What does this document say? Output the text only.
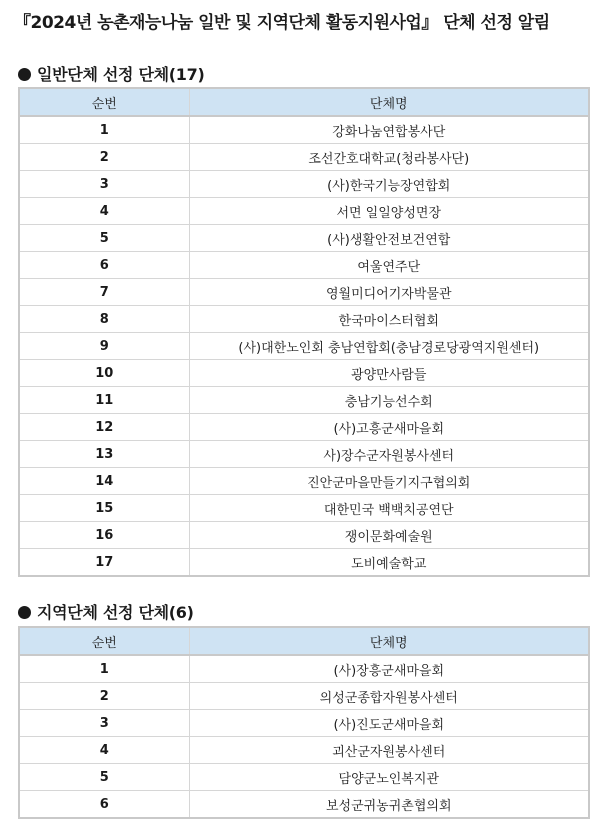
『2024년 농촌재능나눔 일반 및 지역단체 활동지원사업』 단체 선정 알림
일반단체 선정 단체(17)
순번	단체명
1	강화나눔연합봉사단
2	조선간호대학교(청라봉사단)
3	(사)한국기능장연합회
4	서면 일일양성면장
5	(사)생활안전보건연합
6	여울연주단
7	영월미디어기자박물관
8	한국마이스터협회
9	(사)대한노인회 충남연합회(충남경로당광역지원센터)
10	광양만사람들
11	충남기능선수회
12	(사)고흥군새마을회
13	사)장수군자원봉사센터
14	진안군마을만들기지구협의회
15	대한민국 백백치공연단
16	쟁이문화예술원
17	도비예술학교
지역단체 선정 단체(6)
순번	단체명
1	(사)장흥군새마을회
2	의성군종합자원봉사센터
3	(사)진도군새마을회
4	괴산군자원봉사센터
5	담양군노인복지관
6	보성군귀농귀촌협의회
